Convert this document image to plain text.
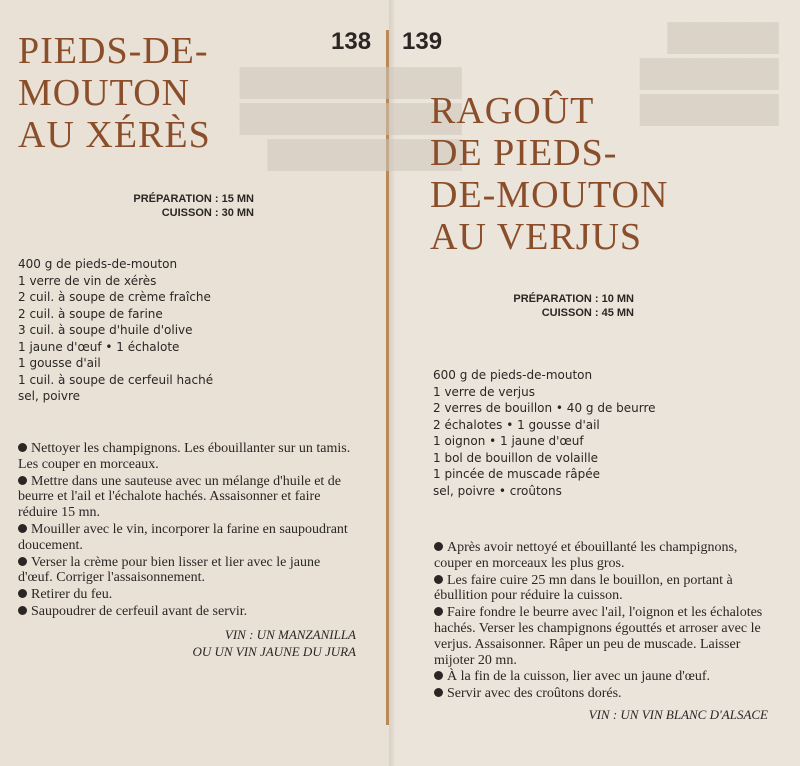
▆▆▆▆▆▆▆▆
▆▆▆▆▆▆▆▆
▆▆▆▆▆▆▆
▆▆▆▆
▆▆▆▆▆
▆▆▆▆▆
138
PIEDS-DE-
MOUTON
AU XÉRÈS
PRÉPARATION : 15 MN
CUISSON : 30 MN
400 g de pieds-de-mouton
1 verre de vin de xérès
2 cuil. à soupe de crème fraîche
2 cuil. à soupe de farine
3 cuil. à soupe d'huile d'olive
1 jaune d'œuf • 1 échalote
1 gousse d'ail
1 cuil. à soupe de cerfeuil haché
sel, poivre
Nettoyer les champignons. Les ébouillanter sur un tamis. Les couper en morceaux.
Mettre dans une sauteuse avec un mélange d'huile et de beurre et l'ail et l'échalote hachés. Assaisonner et faire réduire 15 mn.
Mouiller avec le vin, incorporer la farine en saupoudrant doucement.
Verser la crème pour bien lisser et lier avec le jaune d'œuf. Corriger l'assaisonnement.
Retirer du feu.
Saupoudrer de cerfeuil avant de servir.
VIN : UN MANZANILLA
OU UN VIN JAUNE DU JURA
139
RAGOÛT
DE PIEDS-
DE-MOUTON
AU VERJUS
PRÉPARATION : 10 MN
CUISSON : 45 MN
600 g de pieds-de-mouton
1 verre de verjus
2 verres de bouillon • 40 g de beurre
2 échalotes • 1 gousse d'ail
1 oignon • 1 jaune d'œuf
1 bol de bouillon de volaille
1 pincée de muscade râpée
sel, poivre • croûtons
Après avoir nettoyé et ébouillanté les champignons, couper en morceaux les plus gros.
Les faire cuire 25 mn dans le bouillon, en portant à ébullition pour réduire la cuisson.
Faire fondre le beurre avec l'ail, l'oignon et les échalotes hachés. Verser les champignons égouttés et arroser avec le verjus. Assaisonner. Râper un peu de muscade. Laisser mijoter 20 mn.
À la fin de la cuisson, lier avec un jaune d'œuf.
Servir avec des croûtons dorés.
VIN : UN VIN BLANC D'ALSACE
